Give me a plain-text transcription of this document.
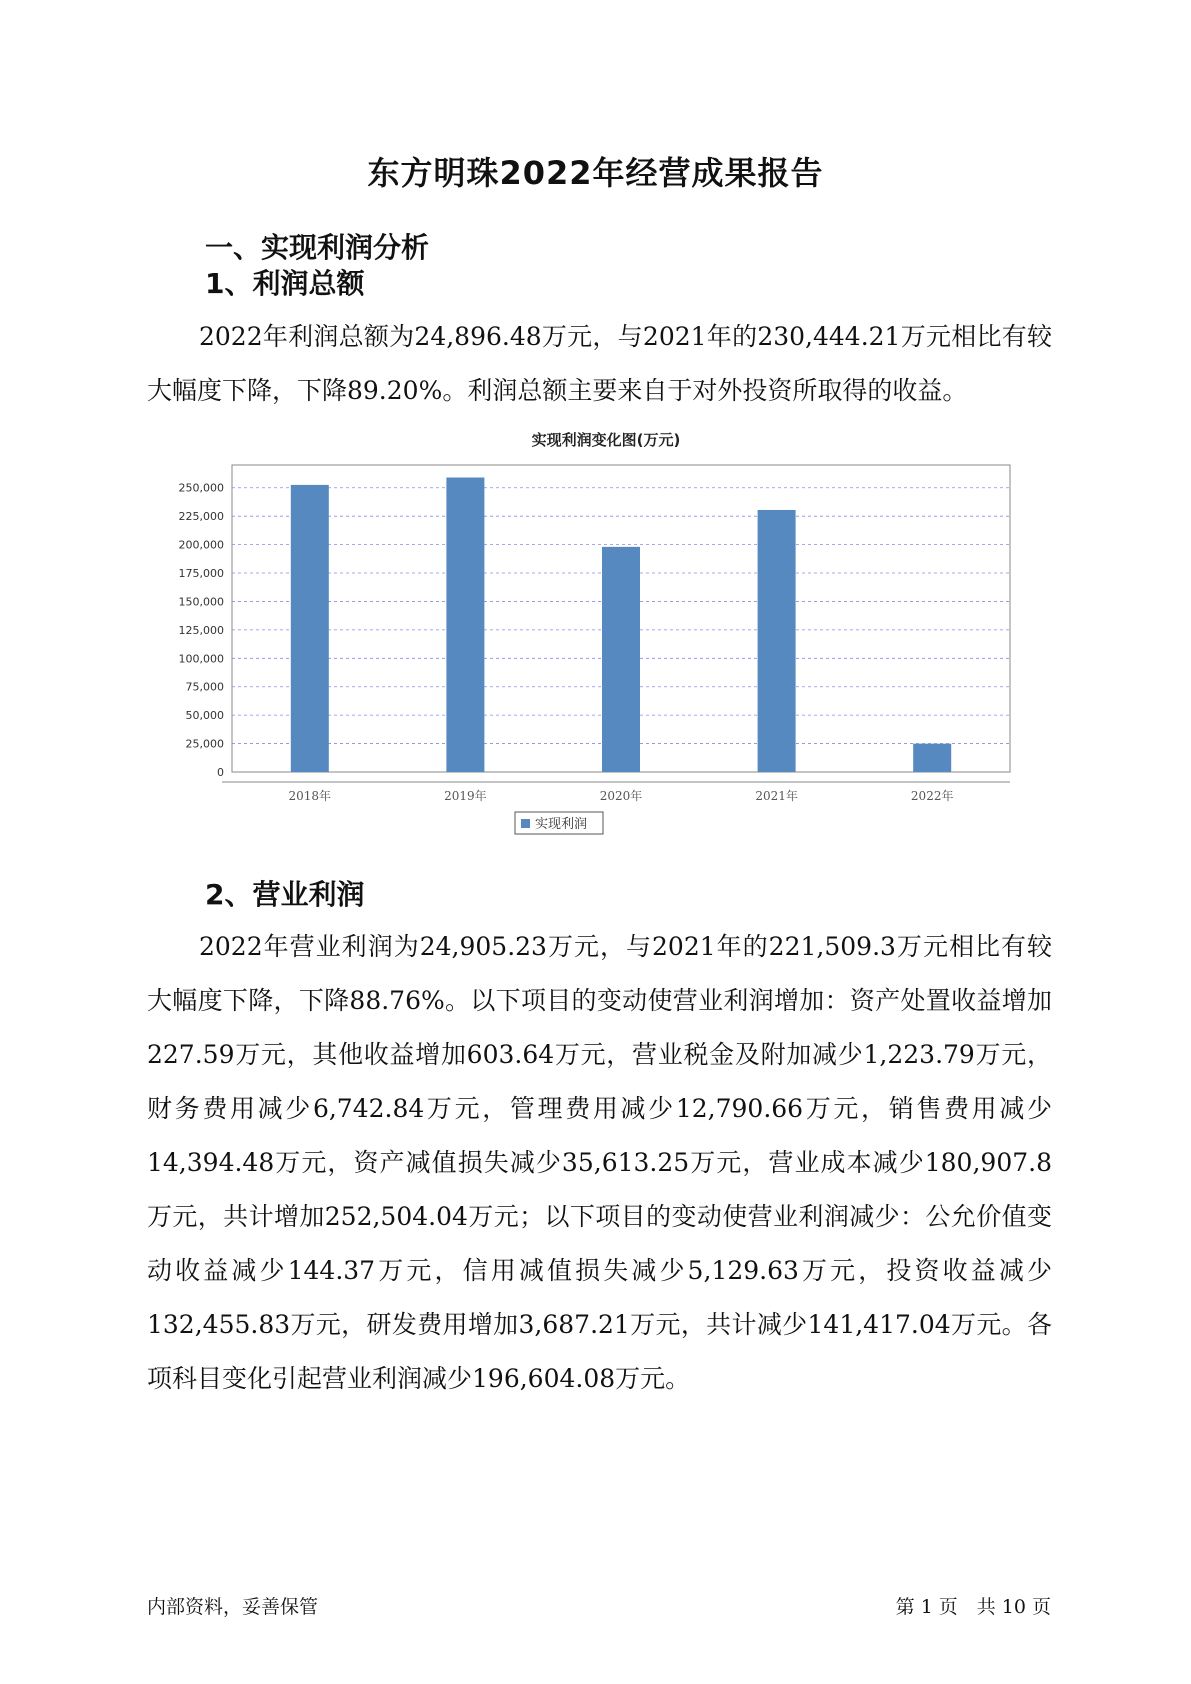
东方明珠2022年经营成果报告
一、实现利润分析
1、利润总额

2022年利润总额为24,896.48万元，与2021年的230,444.21万元相比有较大幅度下降，下降89.20%。利润总额主要来自于对外投资所取得的收益。

实现利润变化图(万元)
0
25,000
50,000
75,000
100,000
125,000
150,000
175,000
200,000
225,000
250,000
2018年	2019年	2020年	2021年	2022年
实现利润
2、营业利润

2022年营业利润为24,905.23万元，与2021年的221,509.3万元相比有较大幅度下降，下降88.76%。以下项目的变动使营业利润增加：资产处置收益增加227.59万元，其他收益增加603.64万元，营业税金及附加减少1,223.79万元，财务费用减少6,742.84万元，管理费用减少12,790.66万元，销售费用减少14,394.48万元，资产减值损失减少35,613.25万元，营业成本减少180,907.8万元，共计增加252,504.04万元；以下项目的变动使营业利润减少：公允价值变动收益减少144.37万元，信用减值损失减少5,129.63万元，投资收益减少132,455.83万元，研发费用增加3,687.21万元，共计减少141,417.04万元。各项科目变化引起营业利润减少196,604.08万元。

内部资料，妥善保管	第 1 页　共 10 页
